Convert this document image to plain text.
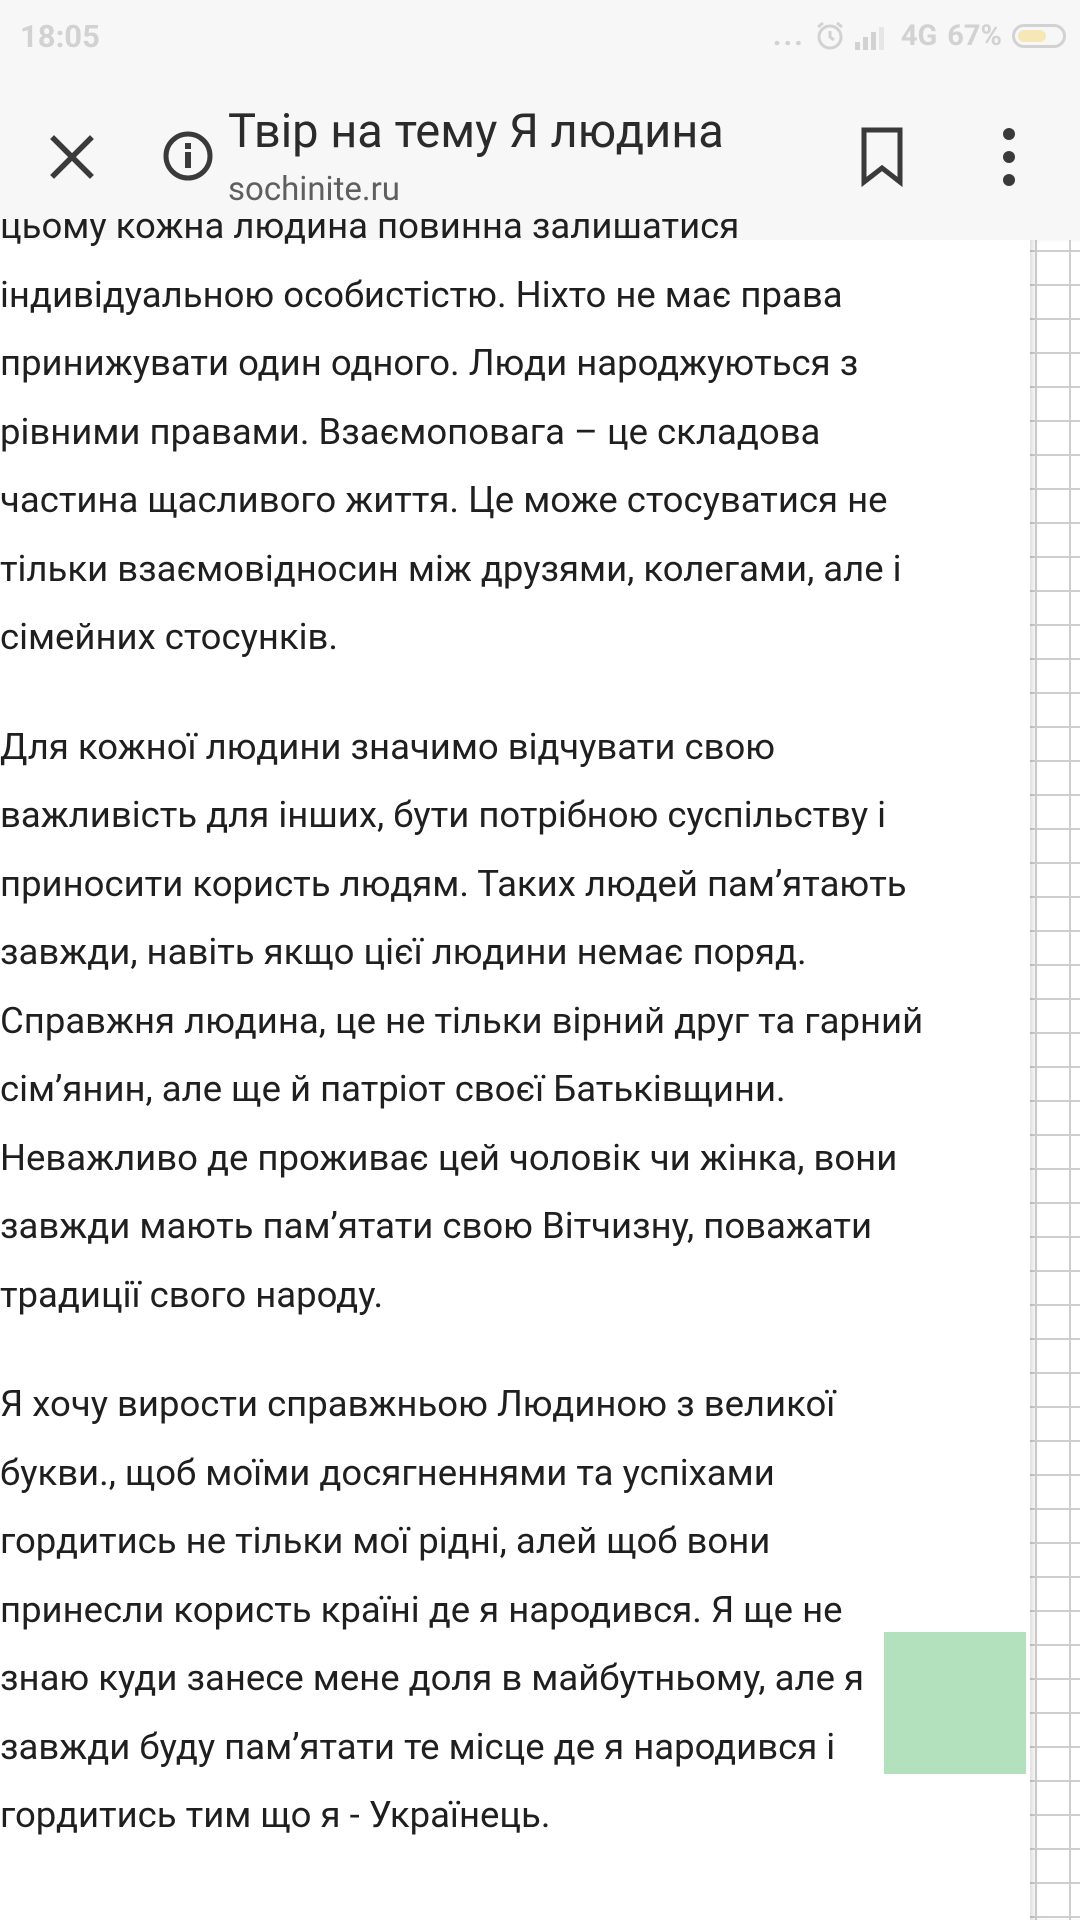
18:05	...	4G 67%
Твір на тему Я людина
sochinite.ru

цьому кожна людина повинна залишатися
індивідуальною особистістю. Ніхто не має права
принижувати один одного. Люди народжуються з
рівними правами. Взаємоповага – це складова
частина щасливого життя. Це може стосуватися не
тільки взаємовідносин між друзями, колегами, але і
сімейних стосунків.

Для кожної людини значимо відчувати свою
важливість для інших, бути потрібною суспільству і
приносити користь людям. Таких людей пам’ятають
завжди, навіть якщо цієї людини немає поряд.
Справжня людина, це не тільки вірний друг та гарний
сім’янин, але ще й патріот своєї Батьківщини.
Неважливо де проживає цей чоловік чи жінка, вони
завжди мають пам’ятати свою Вітчизну, поважати
традиції свого народу.

Я хочу вирости справжньою Людиною з великої
букви., щоб моїми досягненнями та успіхами
гордитись не тільки мої рідні, алей щоб вони
принесли користь країні де я народився. Я ще не
знаю куди занесе мене доля в майбутньому, але я
завжди буду пам’ятати те місце де я народився і
гордитись тим що я - Українець.
